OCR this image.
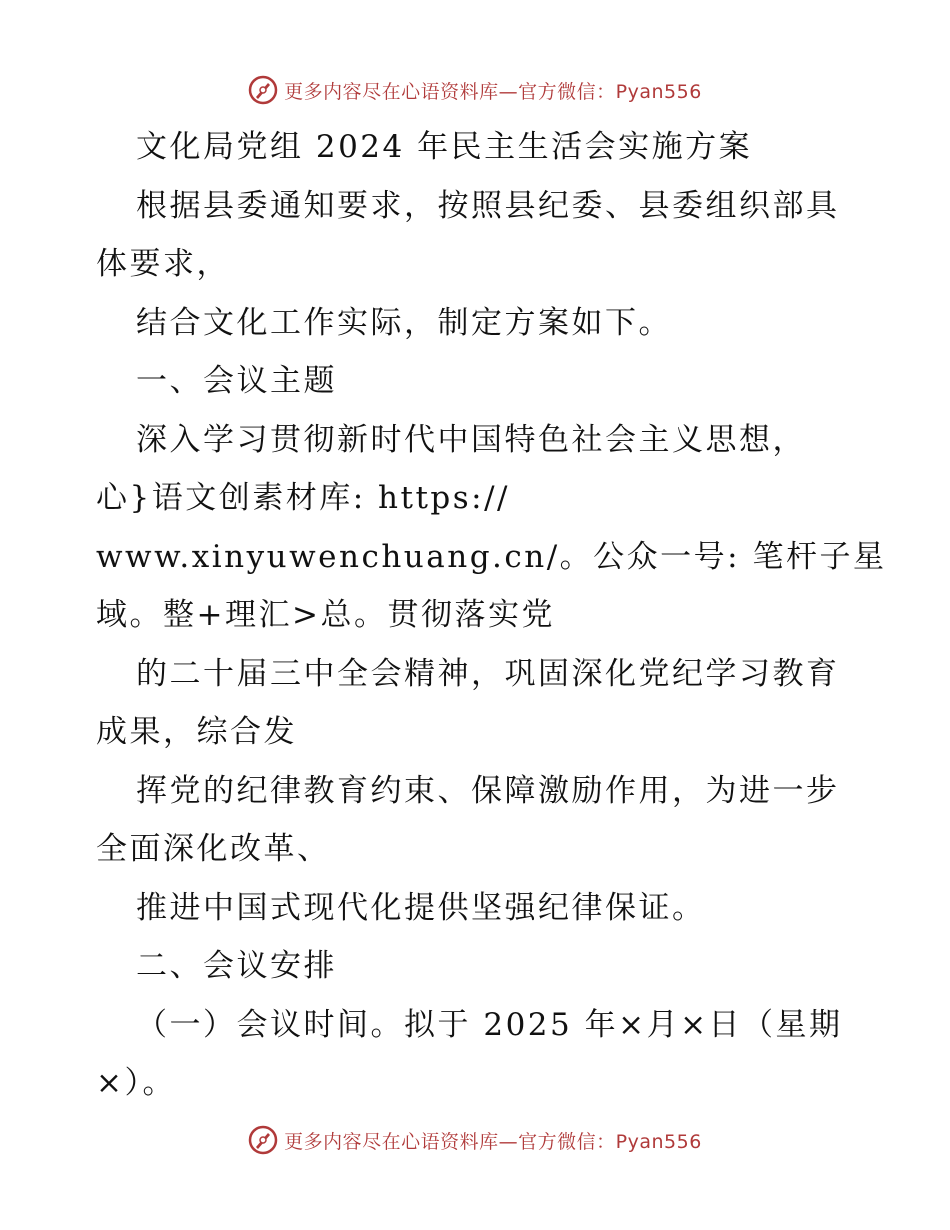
更多内容尽在心语资料库—官方微信：Pyan556
文化局党组 2024 年民主生活会实施方案
根据县委通知要求，按照县纪委、县委组织部具
体要求，
结合文化工作实际，制定方案如下。
一、会议主题
深入学习贯彻新时代中国特色社会主义思想，
心}语文创素材库: https://
www.xinyuwenchuang.cn/。公众一号: 笔杆子星
域。整+理汇>总。贯彻落实党
的二十届三中全会精神，巩固深化党纪学习教育
成果，综合发
挥党的纪律教育约束、保障激励作用，为进一步
全面深化改革、
推进中国式现代化提供坚强纪律保证。
二、会议安排
（一）会议时间。拟于 2025 年×月×日（星期
×）。
更多内容尽在心语资料库—官方微信：Pyan556
